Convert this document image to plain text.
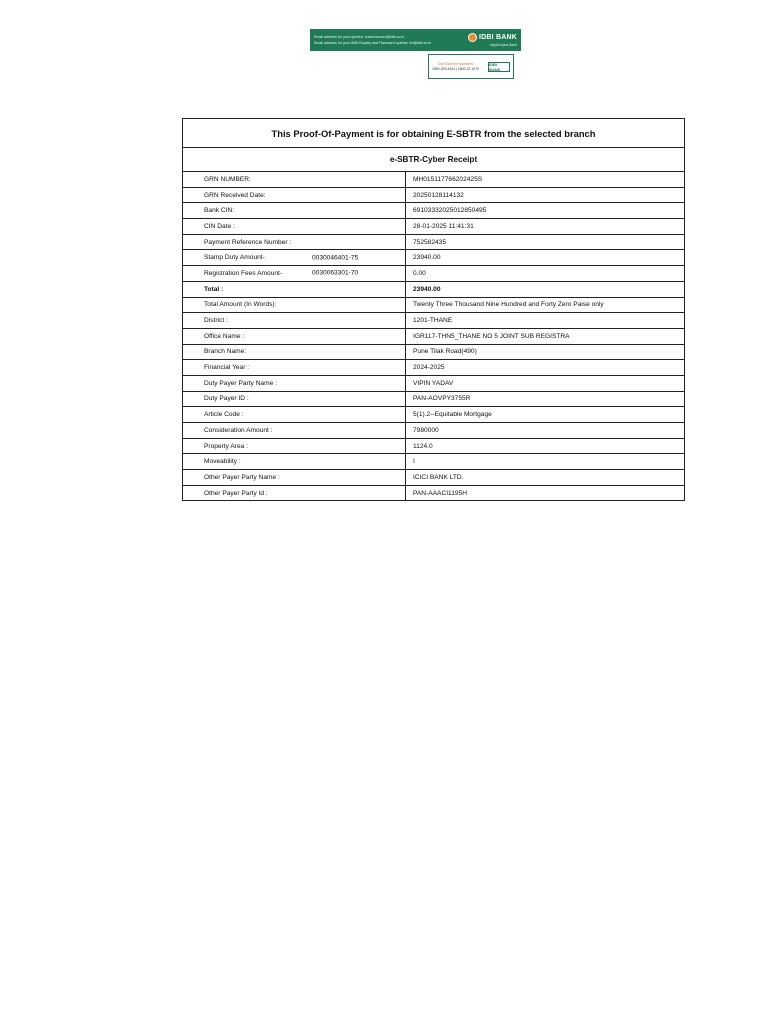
Email address for your queries: customercare@idbi.co.in
Email address for your IDBI Royalty and Flashcard queries: irh@idbi.co.in
IDBI BANK
Aapka Apna Bank
Our Toll-free Numbers
1800-209-4324 | 1800-22-1070
IDBI BANK
This Proof-Of-Payment is for obtaining E-SBTR from the selected branch
e-SBTR-Cyber Receipt
GRN NUMBER:	MH015117766202425S
GRN Received Date:	20250128114132
Bank CIN:	69103332025012850495
CIN Date :	28-01-2025 11:41:31
Payment Reference Number :	752582435
Stamp Duty Amount- 0030046401-75	23940.00
Registration Fees Amount- 0030063301-70	0.00
Total :	23940.00
Total Amount (In Words):	Twenty Three Thousand Nine Hundred and Forty Zero Paise only
District :	1201-THANE
Office Name :	IGR117-THN5_THANE NO 5 JOINT SUB REGISTRA
Branch Name:	Pune Tilak Road(490)
Financial Year :	2024-2025
Duty Payer Party Name :	VIPIN YADAV
Duty Payer ID :	PAN-AOVPY3755R
Article Code :	5(1).2--Equitable Mortgage
Consideration Amount :	7980000
Property Area :	1124.0
Moveability :	I
Other Payer Party Name :	ICICI BANK LTD.
Other Payer Party Id :	PAN-AAACI1195H
